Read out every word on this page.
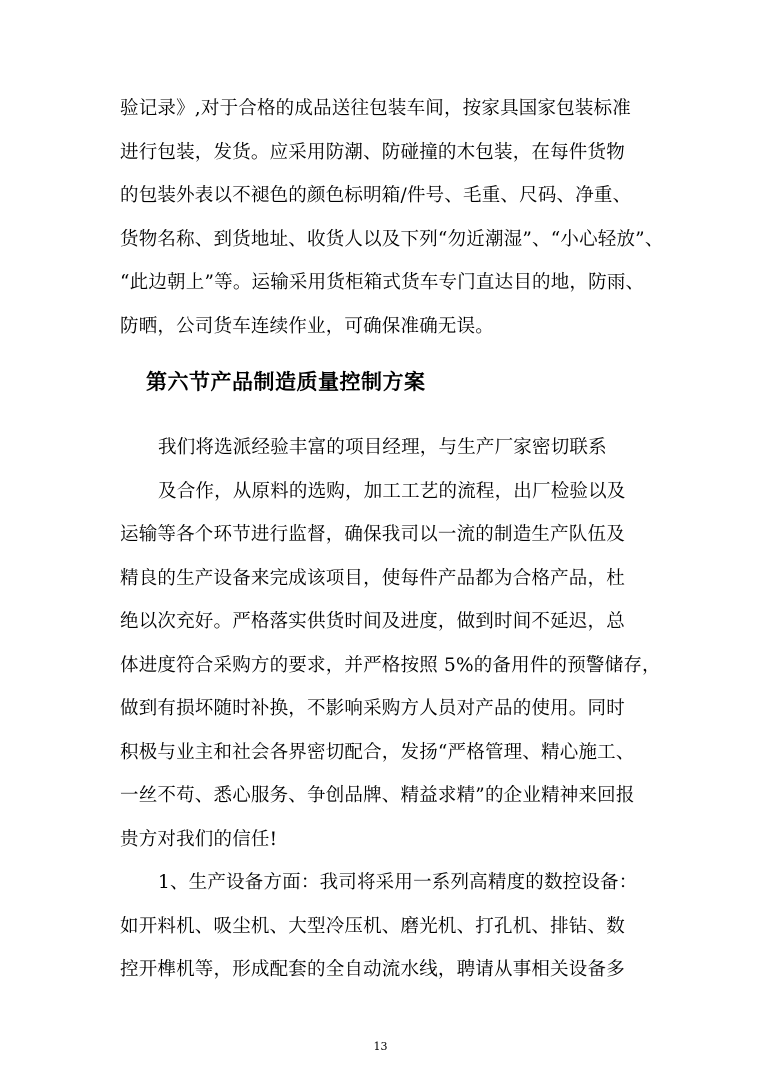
验记录》,对于合格的成品送往包装车间，按家具国家包装标准
进行包装，发货。应采用防潮、防碰撞的木包装，在每件货物
的包装外表以不褪色的颜色标明箱/件号、毛重、尺码、净重、
货物名称、到货地址、收货人以及下列“勿近潮湿”、“小心轻放”、
“此边朝上”等。运输采用货柜箱式货车专门直达目的地，防雨、
防晒，公司货车连续作业，可确保准确无误。
第六节产品制造质量控制方案
我们将选派经验丰富的项目经理，与生产厂家密切联系
及合作，从原料的选购，加工工艺的流程，出厂检验以及
运输等各个环节进行监督，确保我司以一流的制造生产队伍及
精良的生产设备来完成该项目，使每件产品都为合格产品，杜
绝以次充好。严格落实供货时间及进度，做到时间不延迟，总
体进度符合采购方的要求，并严格按照 5%的备用件的预警储存，
做到有损坏随时补换，不影响采购方人员对产品的使用。同时
积极与业主和社会各界密切配合，发扬“严格管理、精心施工、
一丝不苟、悉心服务、争创品牌、精益求精”的企业精神来回报
贵方对我们的信任!
1、生产设备方面：我司将采用一系列高精度的数控设备：
如开料机、吸尘机、大型冷压机、磨光机、打孔机、排钻、数
控开榫机等，形成配套的全自动流水线，聘请从事相关设备多
13
